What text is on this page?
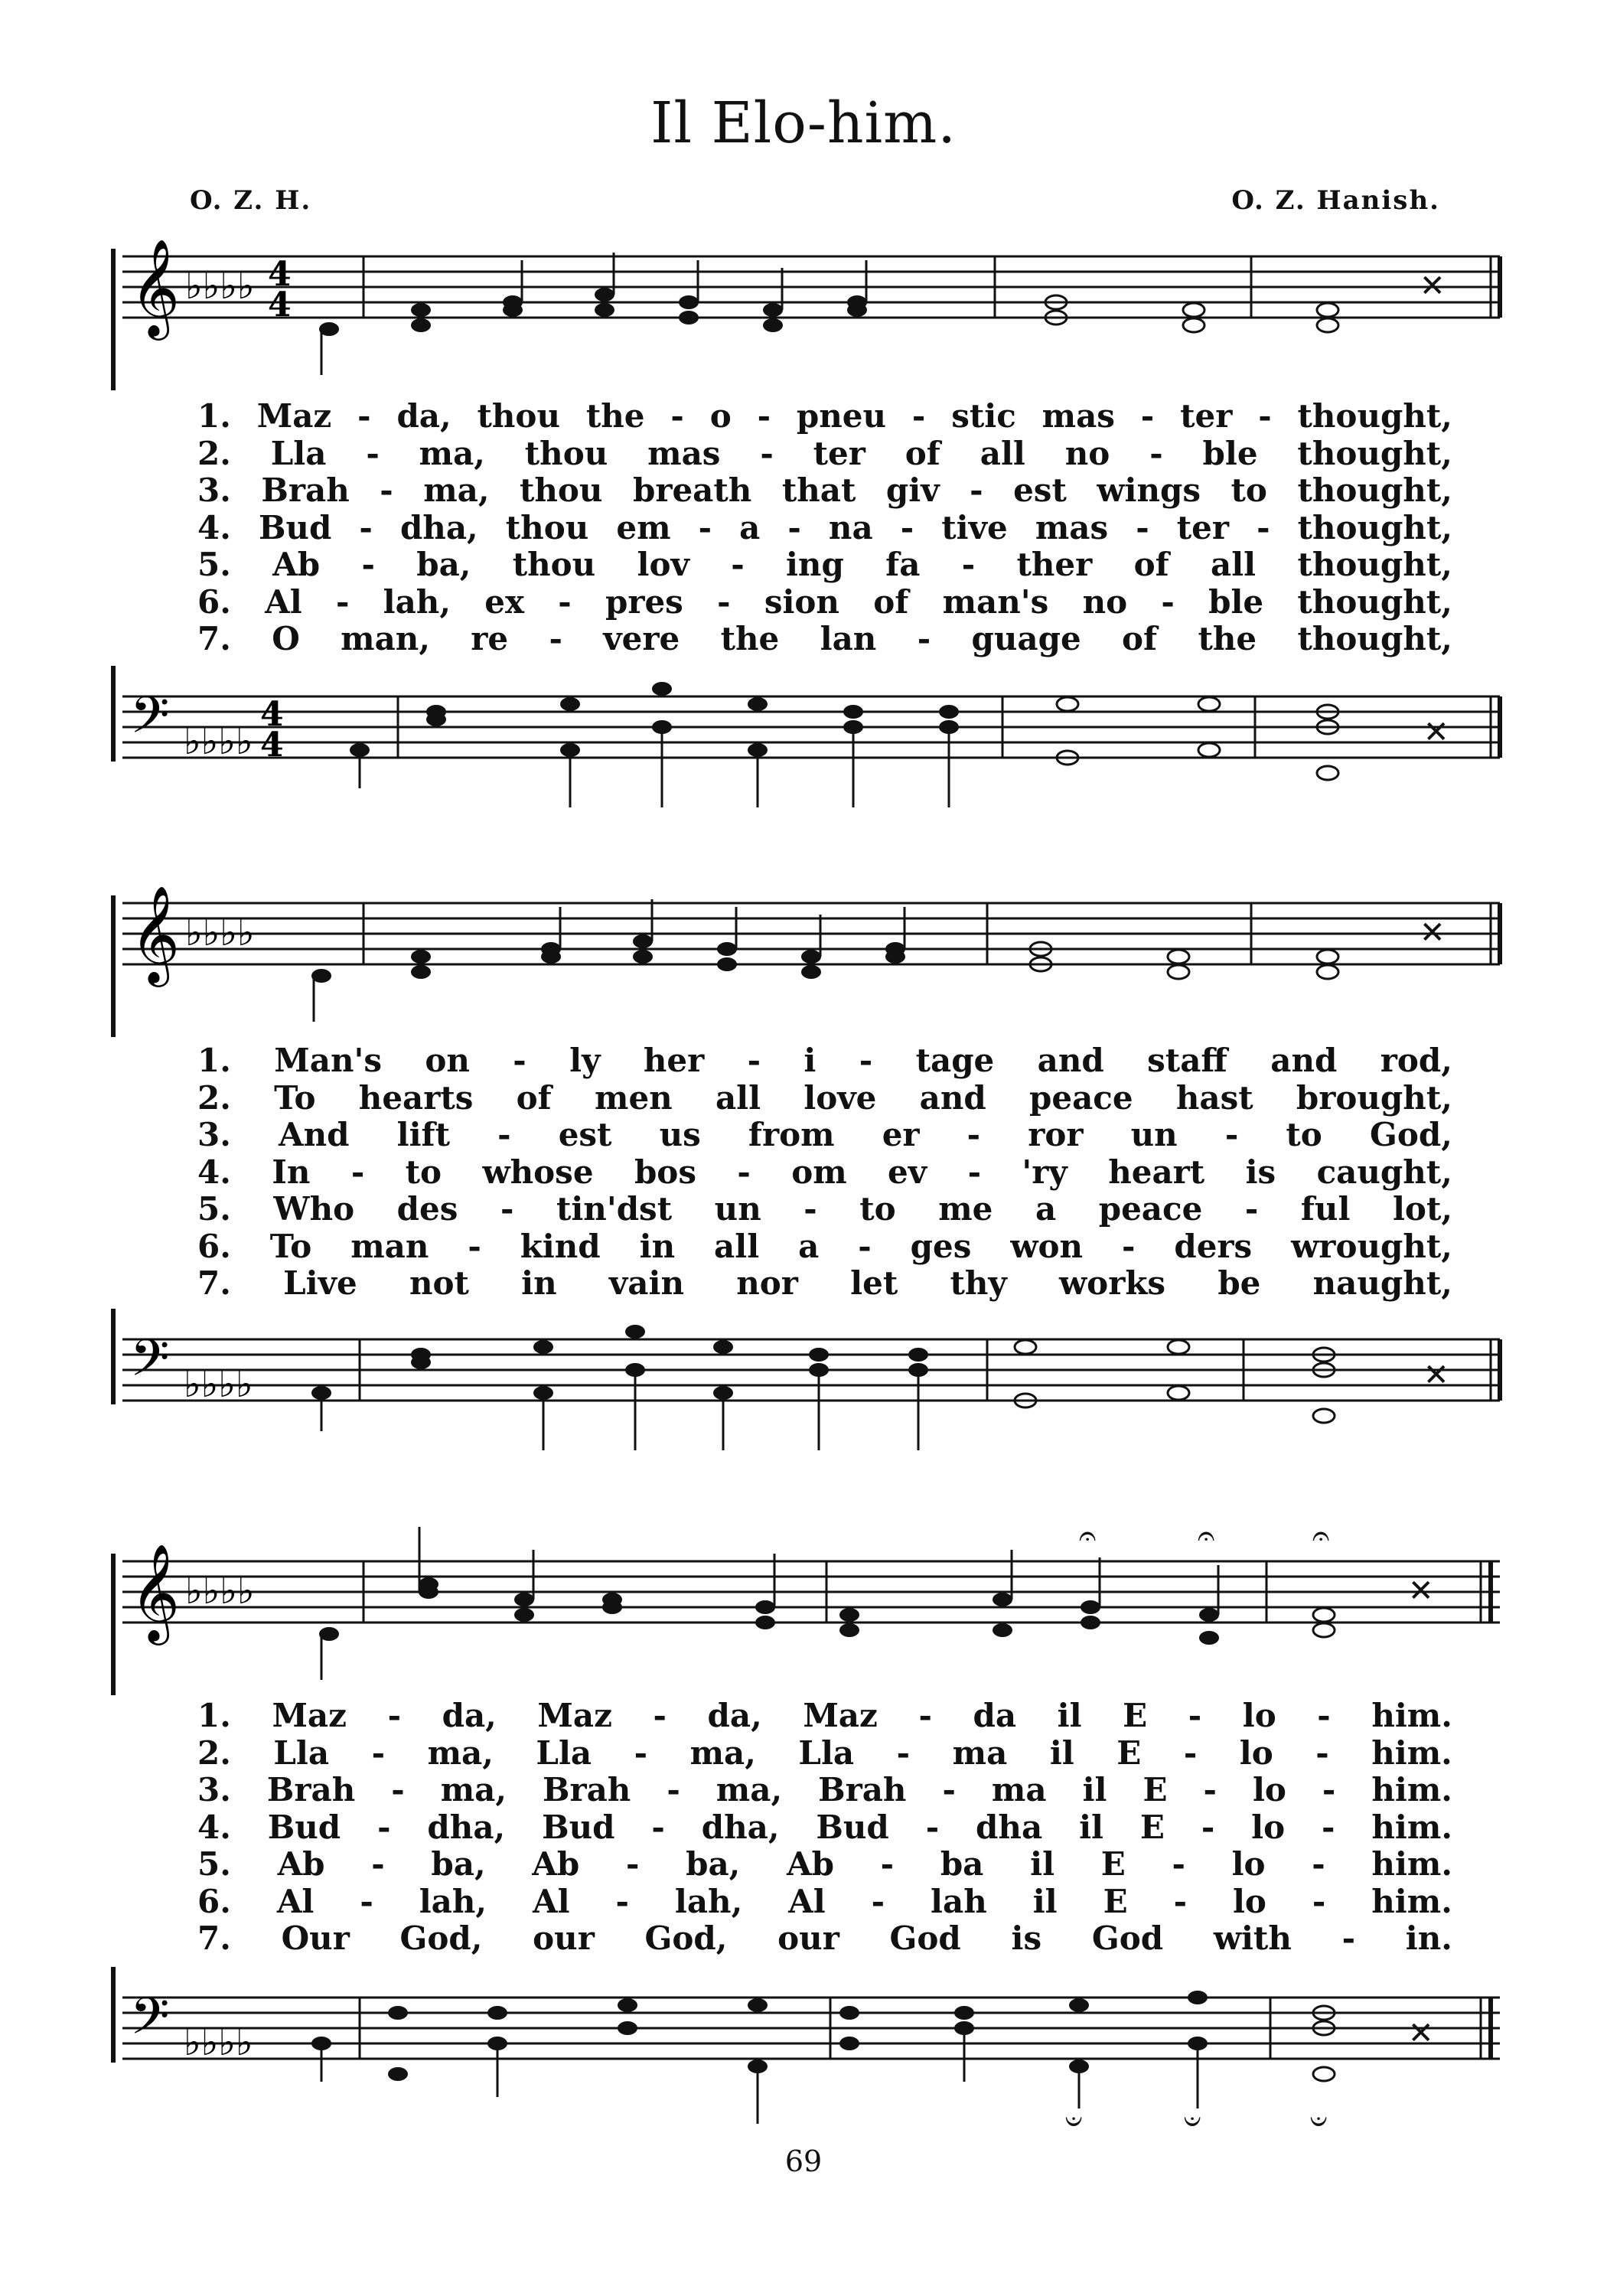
Il Elo-him.
O. Z. H.	O. Z. Hanish.
𝄞 ♭♭♭♭ 4
4	✕
1. Maz - da, thou the - o - pneu - stic mas - ter - thought,
2. Lla - ma, thou mas - ter of all no - ble thought,
3. Brah - ma, thou breath that giv - est wings to thought,
4. Bud - dha, thou em - a - na - tive mas - ter - thought,
5. Ab - ba, thou lov - ing fa - ther of all thought,
6. Al - lah, ex - pres - sion of man's no - ble thought,
7. O man, re - vere the lan - guage of the thought,
𝄢 ♭♭♭♭
4
4	✕
𝄞 ♭♭♭♭	✕
1. Man's on - ly her - i - tage and staff and rod,
2. To hearts of men all love and peace hast brought,
3. And lift - est us from er - ror un - to God,
4. In - to whose bos - om ev - 'ry heart is caught,
5. Who des - tin'dst un - to me a peace - ful lot,
6. To man - kind in all a - ges won - ders wrought,
7. Live not in vain nor let thy works be naught,
𝄢 ♭♭♭♭	✕
𝄞 ♭♭♭♭	✕
𝄐	𝄐	𝄐
1. Maz - da, Maz - da, Maz - da il E - lo - him.
2. Lla - ma, Lla - ma, Lla - ma il E - lo - him.
3. Brah - ma, Brah - ma, Brah - ma il E - lo - him.
4. Bud - dha, Bud - dha, Bud - dha il E - lo - him.
5. Ab - ba, Ab - ba, Ab - ba il E - lo - him.
6. Al - lah, Al - lah, Al - lah il E - lo - him.
7. Our God, our God, our God is God with - in.
𝄢 ♭♭♭♭	✕
𝄑	𝄑	𝄑
69
